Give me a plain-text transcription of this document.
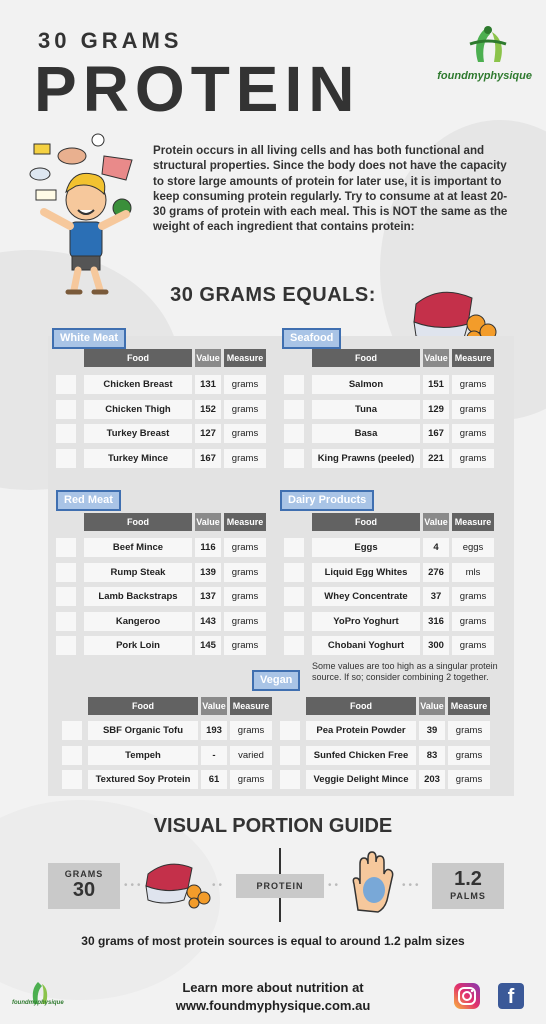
30 GRAMS
PROTEIN	foundmyphysique
Protein occurs in all living cells and has both functional and structural properties. Since the body does not have the capacity to store large amounts of protein for later use, it is important to keep consuming protein regularly. Try to consume at at least 20-30 grams of protein with each meal. This is NOT the same as the weight of each ingredient that contains protein:
30 GRAMS EQUALS:
White Meat	Seafood
Red Meat	Dairy Products
Vegan
Food	Value Measure
Chicken Breast	131	grams
Chicken Thigh	152	grams
Turkey Breast	127	grams
Turkey Mince	167	grams
Food	Value Measure
Salmon	151	grams
Tuna	129	grams
Basa	167	grams
King Prawns (peeled)	221	grams
Food	Value Measure
Beef Mince	116	grams
Rump Steak	139	grams
Lamb Backstraps	137	grams
Kangeroo	143	grams
Pork Loin	145	grams
Food	Value Measure
Eggs	4	eggs
Liquid Egg Whites	276	mls
Whey Concentrate	37	grams
YoPro Yoghurt	316	grams
Chobani Yoghurt	300	grams
Food	Value Measure
SBF Organic Tofu	193	grams
Tempeh	-	varied
Textured Soy Protein	61	grams
Food	Value Measure
Pea Protein Powder	39	grams
Sunfed Chicken Free	83	grams
Veggie Delight Mince	203	grams
Some values are too high as a singular protein source. If so; consider combining 2 together.
VISUAL PORTION GUIDE
GRAMS
30	•••	••	PROTEIN	••	•••	1.2
PALMS
30 grams of most protein sources is equal to around 1.2 palm sizes
foundmyphysique
Learn more about nutrition at
www.foundmyphysique.com.au	f
